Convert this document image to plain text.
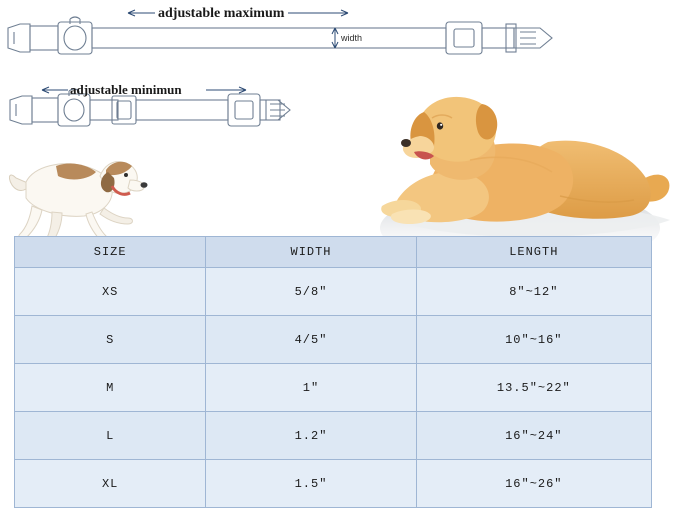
adjustable maximum
adjustable minimun
width
SIZE	WIDTH	LENGTH
XS	5/8"	8"~12"
S	4/5"	10"~16"
M	1"	13.5"~22"
L	1.2"	16"~24"
XL	1.5"	16"~26"
